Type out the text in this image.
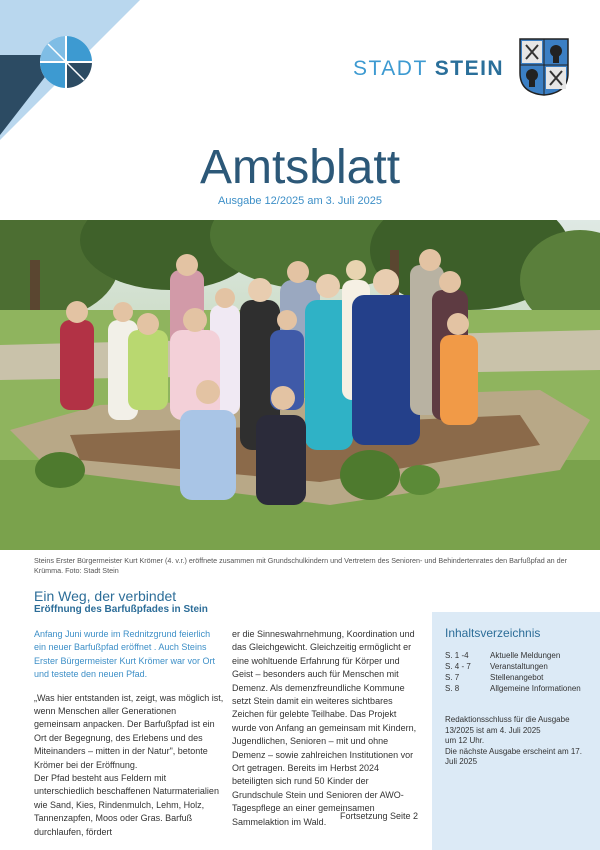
STADT STEIN
Amtsblatt
Ausgabe 12/2025 am 3. Juli 2025
Steins Erster Bürgermeister Kurt Krömer (4. v.r.) eröffnete zusammen mit Grundschulkindern und Vertretern des Senioren- und Behindertenrates den Barfußpfad an der Krümma. Foto: Stadt Stein
Ein Weg, der verbindet
Eröffnung des Barfußpfades in Stein

Anfang Juni wurde im Rednitzgrund feierlich ein neuer Barfußpfad eröffnet . Auch Steins Erster Bürgermeister Kurt Krömer war vor Ort und testete den neuen Pfad.

„Was hier entstanden ist, zeigt, was möglich ist, wenn Menschen aller Generationen gemeinsam anpacken. Der Barfußpfad ist ein Ort der Begegnung, des Erlebens und des Miteinanders – mitten in der Natur", betonte Krömer bei der Eröffnung.

Der Pfad besteht aus Feldern mit unterschiedlich beschaffenen Naturmaterialien wie Sand, Kies, Rindenmulch, Lehm, Holz, Tannenzapfen, Moos oder Gras. Barfuß durchlaufen, fördert

er die Sinneswahrnehmung, Koordination und das Gleichgewicht. Gleichzeitig ermöglicht er eine wohltuende Erfahrung für Körper und Geist – besonders auch für Menschen mit Demenz. Als demenzfreundliche Kommune setzt Stein damit ein weiteres sichtbares Zeichen für gelebte Teilhabe. Das Projekt wurde von Anfang an gemeinsam mit Kindern, Jugendlichen, Senioren – mit und ohne Demenz – sowie zahlreichen Institutionen vor Ort getragen. Bereits im Herbst 2024 beteiligten sich rund 50 Kinder der Grundschule Stein und Senioren der AWO-Tagespflege an einer gemeinsamen Sammelaktion im Wald.

Fortsetzung Seite 2
Inhaltsverzeichnis
S. 1 -4	Aktuelle Meldungen
S. 4 - 7	Veranstaltungen
S. 7	Stellenangebot
S. 8	Allgemeine Informationen
Redaktionsschluss für die Ausgabe 13/2025 ist am 4. Juli 2025
um 12 Uhr.
Die nächste Ausgabe erscheint am 17. Juli 2025
